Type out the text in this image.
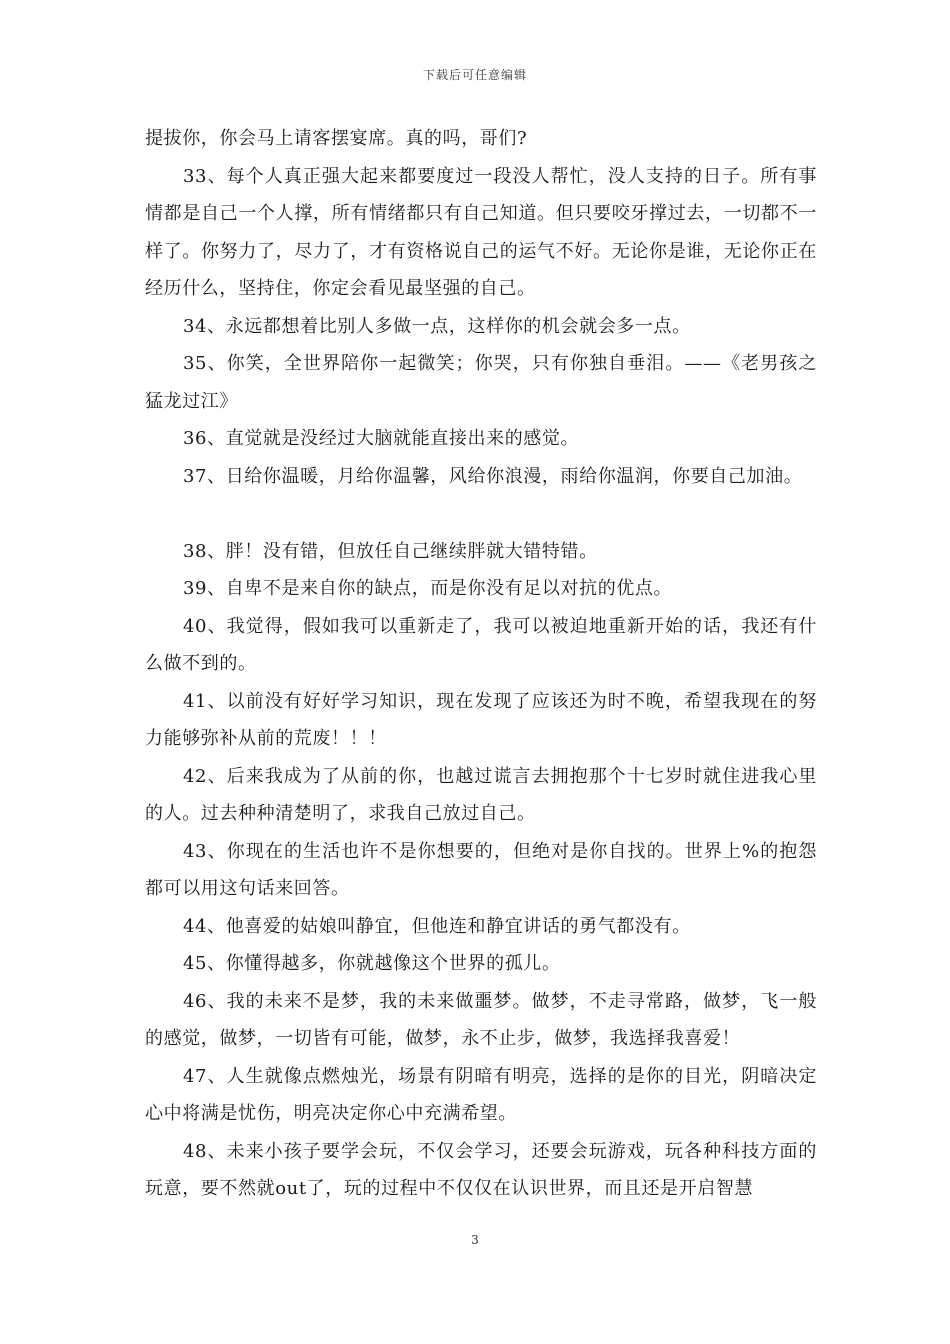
下载后可任意编辑

提拔你，你会马上请客摆宴席。真的吗，哥们?

33、每个人真正强大起来都要度过一段没人帮忙，没人支持的日子。所有事情都是自己一个人撑，所有情绪都只有自己知道。但只要咬牙撑过去，一切都不一样了。你努力了，尽力了，才有资格说自己的运气不好。无论你是谁，无论你正在经历什么，坚持住，你定会看见最坚强的自己。

34、永远都想着比别人多做一点，这样你的机会就会多一点。

35、你笑，全世界陪你一起微笑；你哭，只有你独自垂泪。——《老男孩之猛龙过江》

36、直觉就是没经过大脑就能直接出来的感觉。

37、日给你温暖，月给你温馨，风给你浪漫，雨给你温润，你要自己加油。

38、胖！没有错，但放任自己继续胖就大错特错。

39、自卑不是来自你的缺点，而是你没有足以对抗的优点。

40、我觉得，假如我可以重新走了，我可以被迫地重新开始的话，我还有什么做不到的。

41、以前没有好好学习知识，现在发现了应该还为时不晚，希望我现在的努力能够弥补从前的荒废！！！

42、后来我成为了从前的你，也越过谎言去拥抱那个十七岁时就住进我心里的人。过去种种清楚明了，求我自己放过自己。

43、你现在的生活也许不是你想要的，但绝对是你自找的。世界上%的抱怨都可以用这句话来回答。

44、他喜爱的姑娘叫静宜，但他连和静宜讲话的勇气都没有。

45、你懂得越多，你就越像这个世界的孤儿。

46、我的未来不是梦，我的未来做噩梦。做梦，不走寻常路，做梦，飞一般的感觉，做梦，一切皆有可能，做梦，永不止步，做梦，我选择我喜爱！

47、人生就像点燃烛光，场景有阴暗有明亮，选择的是你的目光，阴暗决定心中将满是忧伤，明亮决定你心中充满希望。

48、未来小孩子要学会玩，不仅会学习，还要会玩游戏，玩各种科技方面的玩意，要不然就out了，玩的过程中不仅仅在认识世界，而且还是开启智慧

3
